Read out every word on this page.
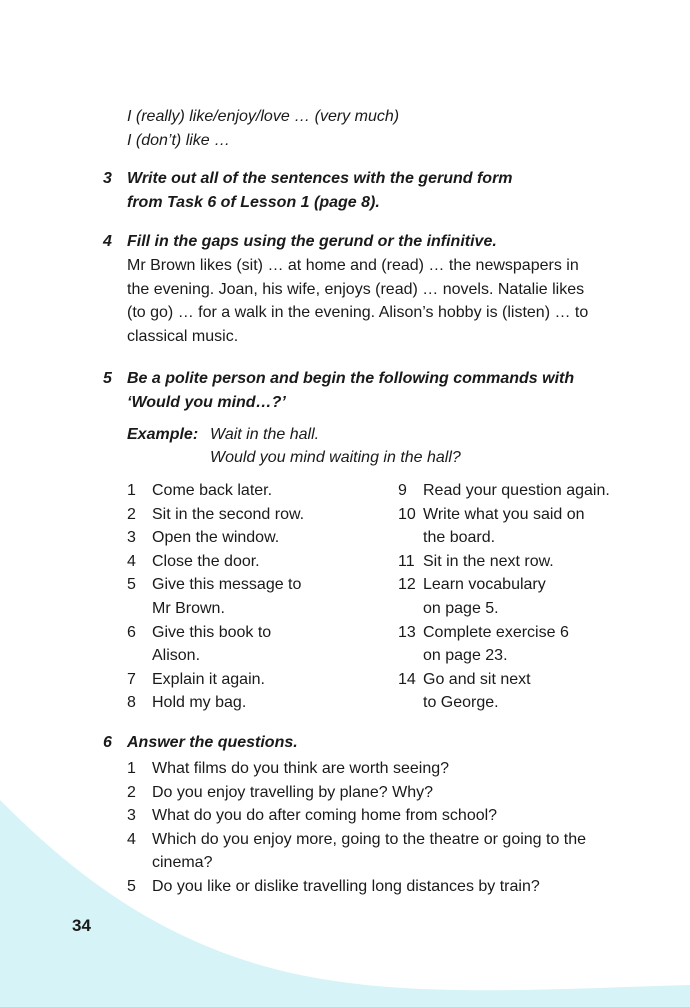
I (really) like/enjoy/love … (very much)
I (don’t) like …
3 Write out all of the sentences with the gerund form
from Task 6 of Lesson 1 (page 8).
4 Fill in the gaps using the gerund or the infinitive.
Mr Brown likes (sit) … at home and (read) … the newspapers in
the evening. Joan, his wife, enjoys (read) … novels. Natalie likes
(to go) … for a walk in the evening. Alison’s hobby is (listen) … to
classical music.
5 Be a polite person and begin the following commands with
‘Would you mind…?’
Example: Wait in the hall.
Would you mind waiting in the hall?
1 Come back later.
2 Sit in the second row.
3 Open the window.
4 Close the door.
5 Give this message to
Mr Brown.
6 Give this book to
Alison.
7 Explain it again.
8 Hold my bag.
9 Read your question again.
10 Write what you said on
the board.
11 Sit in the next row.
12 Learn vocabulary
on page 5.
13 Complete exercise 6
on page 23.
14 Go and sit next
to George.
6 Answer the questions.
1 What films do you think are worth seeing?
2 Do you enjoy travelling by plane? Why?
3 What do you do after coming home from school?
4 Which do you enjoy more, going to the theatre or going to the
cinema?
5 Do you like or dislike travelling long distances by train?
34
